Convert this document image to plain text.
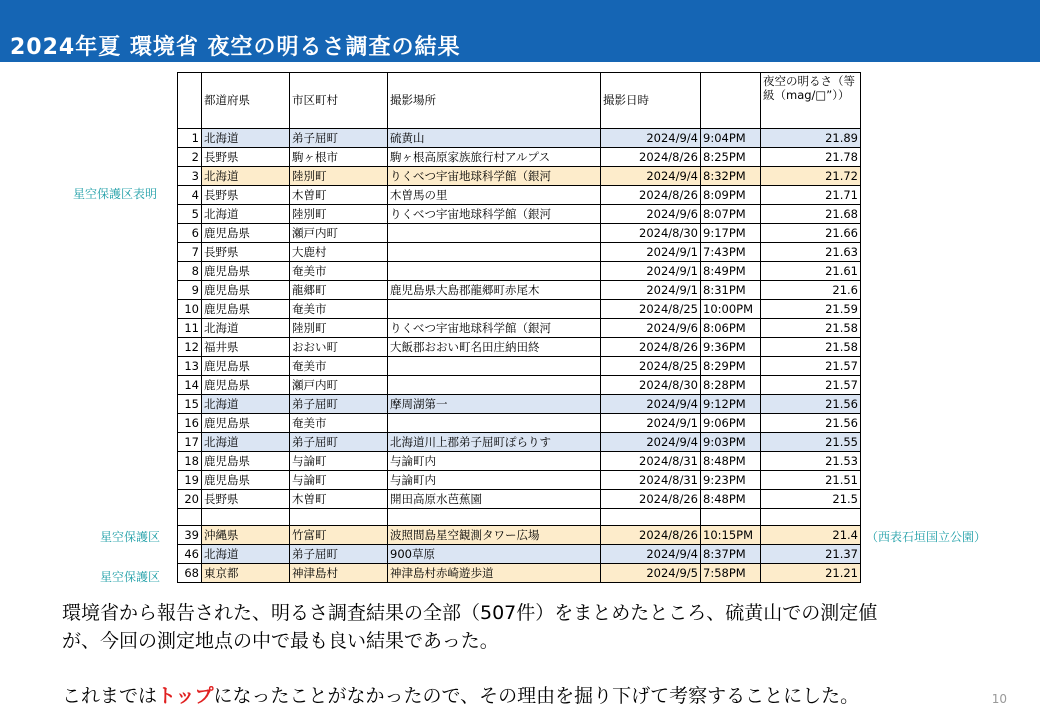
2024年夏 環境省 夜空の明るさ調査の結果
	都道府県	市区町村	撮影場所	撮影日時		夜空の明るさ（等級（mag/□”））
1	北海道	弟子屈町	硫黄山	2024/9/4	9:04PM	21.89
2	長野県	駒ヶ根市	駒ヶ根高原家族旅行村アルプス	2024/8/26	8:25PM	21.78
3	北海道	陸別町	りくべつ宇宙地球科学館（銀河	2024/9/4	8:32PM	21.72
4	長野県	木曽町	木曽馬の里	2024/8/26	8:09PM	21.71
5	北海道	陸別町	りくべつ宇宙地球科学館（銀河	2024/9/6	8:07PM	21.68
6	鹿児島県	瀬戸内町		2024/8/30	9:17PM	21.66
7	長野県	大鹿村		2024/9/1	7:43PM	21.63
8	鹿児島県	奄美市		2024/9/1	8:49PM	21.61
9	鹿児島県	龍郷町	鹿児島県大島郡龍郷町赤尾木	2024/9/1	8:31PM	21.6
10	鹿児島県	奄美市		2024/8/25	10:00PM	21.59
11	北海道	陸別町	りくべつ宇宙地球科学館（銀河	2024/9/6	8:06PM	21.58
12	福井県	おおい町	大飯郡おおい町名田庄納田終	2024/8/26	9:36PM	21.58
13	鹿児島県	奄美市		2024/8/25	8:29PM	21.57
14	鹿児島県	瀬戸内町		2024/8/30	8:28PM	21.57
15	北海道	弟子屈町	摩周湖第一	2024/9/4	9:12PM	21.56
16	鹿児島県	奄美市		2024/9/1	9:06PM	21.56
17	北海道	弟子屈町	北海道川上郡弟子屈町ぽらりす	2024/9/4	9:03PM	21.55
18	鹿児島県	与論町	与論町内	2024/8/31	8:48PM	21.53
19	鹿児島県	与論町	与論町内	2024/8/31	9:23PM	21.51
20	長野県	木曽町	開田高原水芭蕉園	2024/8/26	8:48PM	21.5

39	沖縄県	竹富町	波照間島星空観測タワー広場	2024/8/26	10:15PM	21.4
46	北海道	弟子屈町	900草原	2024/9/4	8:37PM	21.37
68	東京都	神津島村	神津島村赤崎遊歩道	2024/9/5	7:58PM	21.21
星空保護区表明
星空保護区	（西表石垣国立公園）
星空保護区
環境省から報告された、明るさ調査結果の全部（507件）をまとめたところ、硫黄山での測定値
が、今回の測定地点の中で最も良い結果であった。
これまではトップになったことがなかったので、その理由を掘り下げて考察することにした。	10
